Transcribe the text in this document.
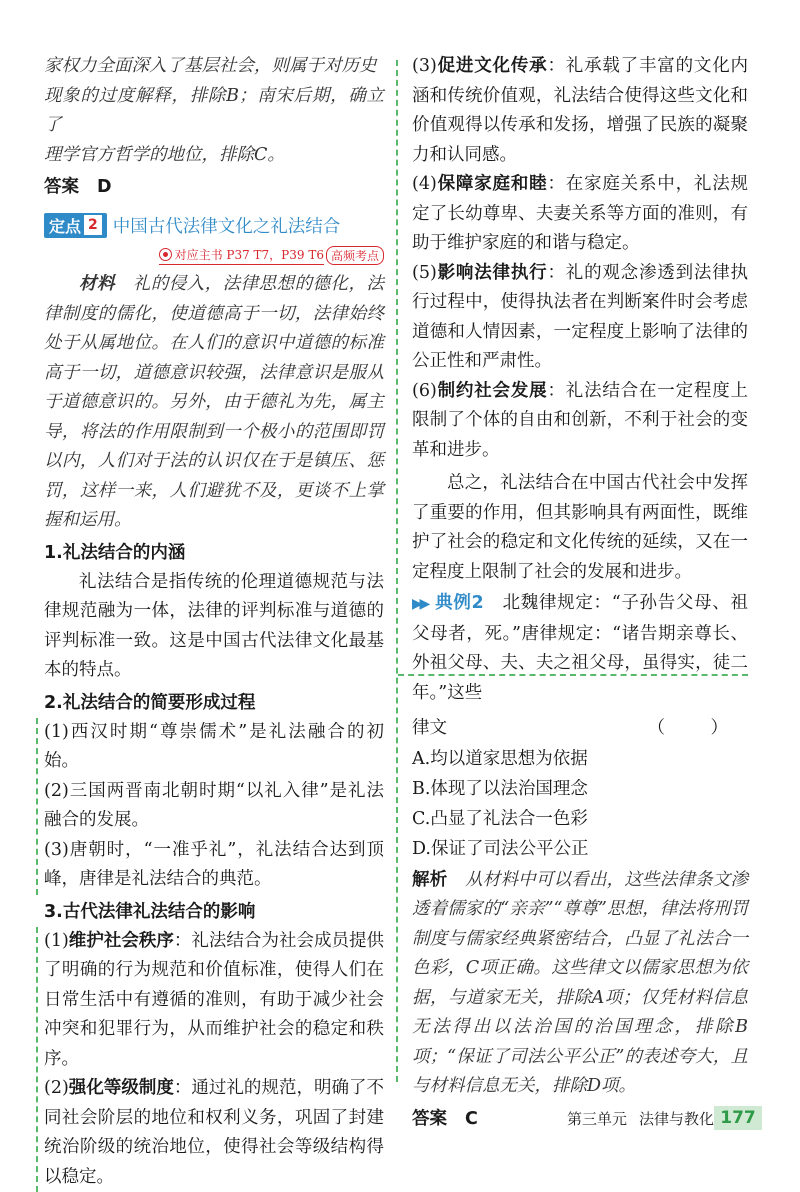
家权力全面深入了基层社会，则属于对历史

现象的过度解释，排除B；南宋后期，确立了

理学官方哲学的地位，排除C。

答案 D
定点 2 中国古代法律文化之礼法结合
对应主书 P37 T7，P39 T6 高频考点

材料　 礼的侵入，法律思想的德化，法律制度的儒化，使道德高于一切，法律始终处于从属地位。在人们的意识中道德的标准高于一切，道德意识较强，法律意识是服从于道德意识的。另外，由于德礼为先，属主导，将法的作用限制到一个极小的范围即罚以内，人们对于法的认识仅在于是镇压、惩罚，这样一来，人们避犹不及，更谈不上掌握和运用。

1.礼法结合的内涵

礼法结合是指传统的伦理道德规范与法律规范融为一体，法律的评判标准与道德的评判标准一致。这是中国古代法律文化最基本的特点。

2.礼法结合的简要形成过程

(1)西汉时期“尊崇儒术”是礼法融合的初始。

(2)三国两晋南北朝时期“以礼入律”是礼法融合的发展。

(3)唐朝时，“一准乎礼”，礼法结合达到顶峰，唐律是礼法结合的典范。

3.古代法律礼法结合的影响

(1)维护社会秩序：礼法结合为社会成员提供了明确的行为规范和价值标准，使得人们在日常生活中有遵循的准则，有助于减少社会冲突和犯罪行为，从而维护社会的稳定和秩序。

(2)强化等级制度：通过礼的规范，明确了不同社会阶层的地位和权利义务，巩固了封建统治阶级的统治地位，使得社会等级结构得以稳定。

(3)促进文化传承：礼承载了丰富的文化内涵和传统价值观，礼法结合使得这些文化和价值观得以传承和发扬，增强了民族的凝聚力和认同感。

(4)保障家庭和睦：在家庭关系中，礼法规定了长幼尊卑、夫妻关系等方面的准则，有助于维护家庭的和谐与稳定。

(5)影响法律执行：礼的观念渗透到法律执行过程中，使得执法者在判断案件时会考虑道德和人情因素，一定程度上影响了法律的公正性和严肃性。

(6)制约社会发展：礼法结合在一定程度上限制了个体的自由和创新，不利于社会的变革和进步。

总之，礼法结合在中国古代社会中发挥了重要的作用，但其影响具有两面性，既维护了社会的稳定和文化传统的延续，又在一定程度上限制了社会的发展和进步。

▶▶ 典例2　 北魏律规定：“子孙告父母、祖父母者，死。”唐律规定：“诸告期亲尊长、外祖父母、夫、夫之祖父母，虽得实，徒二年。”这些

律文	（　）

A.均以道家思想为依据

B.体现了以法治国理念

C.凸显了礼法合一色彩

D.保证了司法公平公正

解析　 从材料中可以看出，这些法律条文渗透着儒家的“亲亲”“尊尊”思想，律法将刑罚制度与儒家经典紧密结合，凸显了礼法合一色彩，C项正确。这些律文以儒家思想为依据，与道家无关，排除A项；仅凭材料信息无法得出以法治国的治国理念，排除B项；“保证了司法公平公正”的表述夸大，且与材料信息无关，排除D项。

答案 C	第三单元 法律与教化 177
